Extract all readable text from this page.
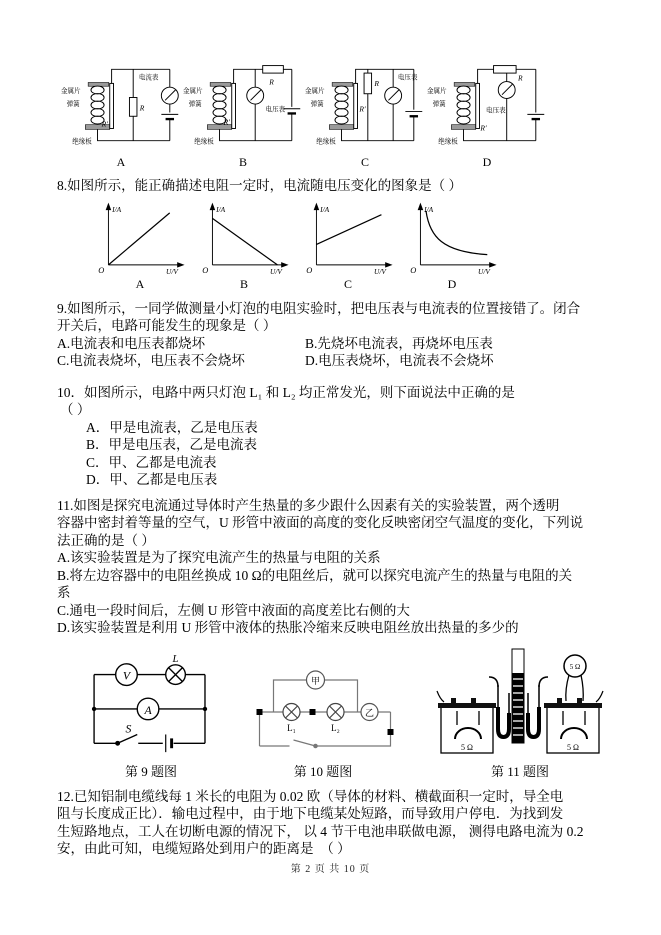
金属片
弹簧
绝缘板
电流表
R
R′
A
金属片
弹簧
绝缘板
电压表
R
R′
B
金属片
弹簧
绝缘板
电压表
R
R′
C
金属片
弹簧
绝缘板
电压表
R
R′
D
8.如图所示，能正确描述电阻一定时，电流随电压变化的图象是（ ）
I/A
U/V
O
A
I/A
U/V
O
B
I/A
U/V
O
C
I/A
U/V
O
D
9.如图所示，一同学做测量小灯泡的电阻实验时，把电压表与电流表的位置接错了。闭合
开关后，电路可能发生的现象是（ ）
A.电流表和电压表都烧坏	B.先烧坏电流表，再烧坏电压表
C.电流表烧坏，电压表不会烧坏	D.电压表烧坏，电流表不会烧坏
10．如图所示，电路中两只灯泡 L₁ 和 L₂ 均正常发光，则下面说法中正确的是
（ ）
A．甲是电流表，乙是电压表
B．甲是电压表，乙是电流表
C．甲、乙都是电流表
D．甲、乙都是电压表
11.如图是探究电流通过导体时产生热量的多少跟什么因素有关的实验装置，两个透明
容器中密封着等量的空气，U 形管中液面的高度的变化反映密闭空气温度的变化，下列说
法正确的是（ ）
A.该实验装置是为了探究电流产生的热量与电阻的关系
B.将左边容器中的电阻丝换成 10 Ω的电阻丝后，就可以探究电流产生的热量与电阻的关
系
C.通电一段时间后，左侧 U 形管中液面的高度差比右侧的大
D.该实验装置是利用 U 形管中液体的热胀冷缩来反映电阻丝放出热量的多少的
V
A
L
S
第 9 题图
甲
乙
L₁	L₂
第 10 题图
5 Ω	5 Ω
5 Ω
第 11 题图
12.已知铝制电缆线每 1 米长的电阻为 0.02 欧（导体的材料、横截面积一定时，导全电
阻与长度成正比）．输电过程中，由于地下电缆某处短路，而导致用户停电．为找到发
生短路地点，工人在切断电源的情况下， 以 4 节干电池串联做电源， 测得电路电流为 0.2
安，由此可知，电缆短路处到用户的距离是　（ ）
第 2 页 共 10 页
